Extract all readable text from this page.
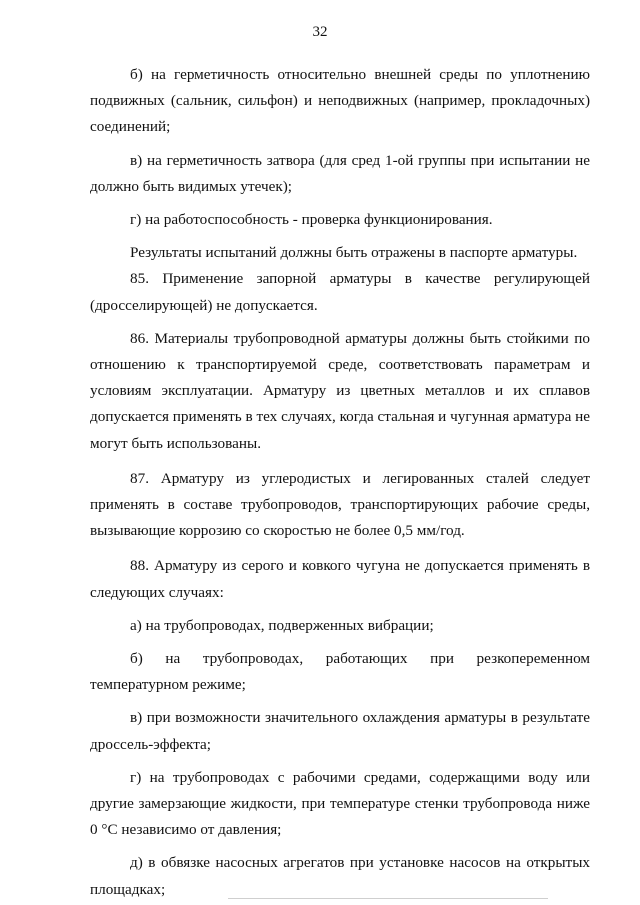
32

б) на герметичность относительно внешней среды по уплотнению подвижных (сальник, сильфон) и неподвижных (например, прокладочных) соединений;

в) на герметичность затвора (для сред 1-ой группы при испытании не должно быть видимых утечек);

г) на работоспособность - проверка функционирования.

Результаты испытаний должны быть отражены в паспорте арматуры.

85. Применение запорной арматуры в качестве регулирующей (дросселирующей) не допускается.

86. Материалы трубопроводной арматуры должны быть стойкими по отношению к транспортируемой среде, соответствовать параметрам и условиям эксплуатации. Арматуру из цветных металлов и их сплавов допускается применять в тех случаях, когда стальная и чугунная арматура не могут быть использованы.

87. Арматуру из углеродистых и легированных сталей следует применять в составе трубопроводов, транспортирующих рабочие среды, вызывающие коррозию со скоростью не более 0,5 мм/год.

88. Арматуру из серого и ковкого чугуна не допускается применять в следующих случаях:

а) на трубопроводах, подверженных вибрации;

б) на трубопроводах, работающих при резкопеременном температурном режиме;

в) при возможности значительного охлаждения арматуры в результате дроссель-эффекта;

г) на трубопроводах с рабочими средами, содержащими воду или другие замерзающие жидкости, при температуре стенки трубопровода ниже 0 °С независимо от давления;

д) в обвязке насосных агрегатов при установке насосов на открытых площадках;
